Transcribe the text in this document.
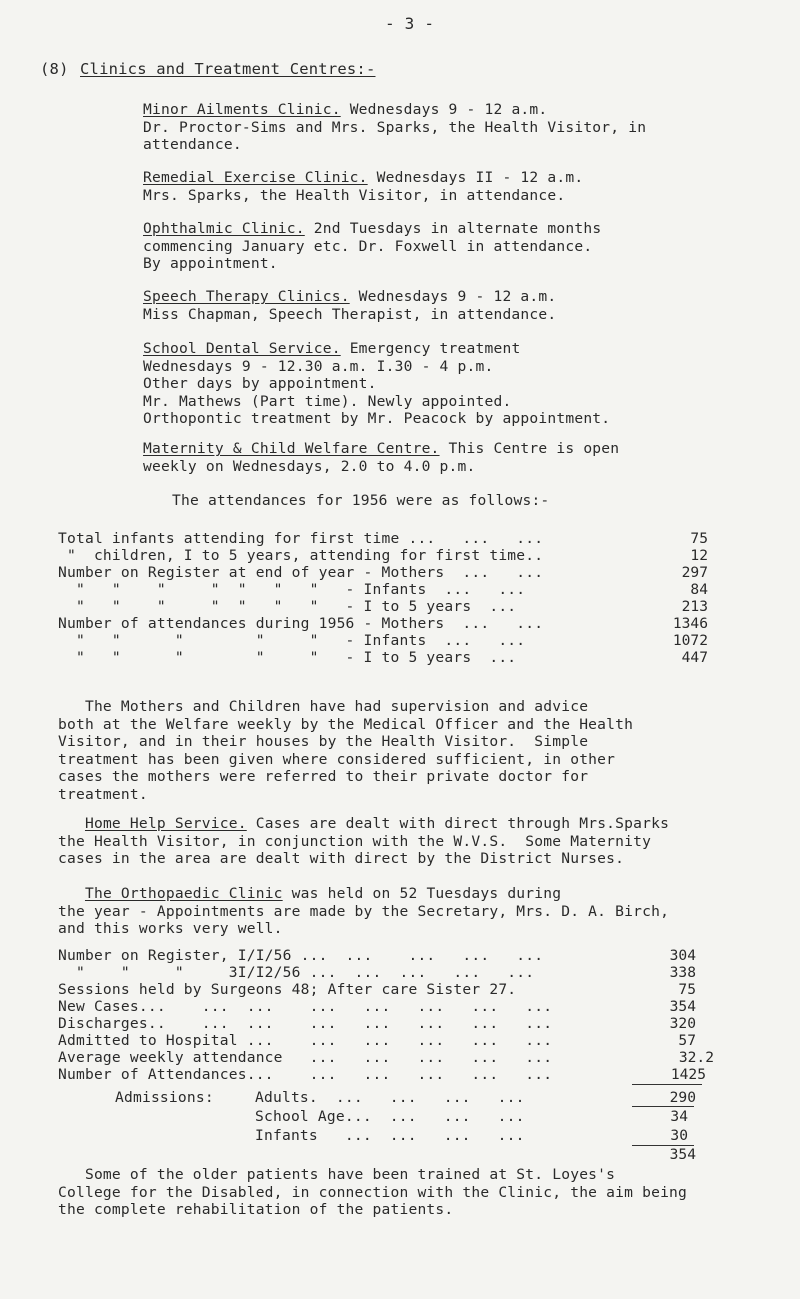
- 3 -
(8) Clinics and Treatment Centres:-
Minor Ailments Clinic. Wednesdays 9 - 12 a.m.
Dr. Proctor-Sims and Mrs. Sparks, the Health Visitor, in
attendance.
Remedial Exercise Clinic. Wednesdays II - 12 a.m.
Mrs. Sparks, the Health Visitor, in attendance.
Ophthalmic Clinic. 2nd Tuesdays in alternate months
commencing January etc. Dr. Foxwell in attendance.
By appointment.
Speech Therapy Clinics. Wednesdays 9 - 12 a.m.
Miss Chapman, Speech Therapist, in attendance.
School Dental Service. Emergency treatment
Wednesdays 9 - 12.30 a.m. I.30 - 4 p.m.
Other days by appointment.
Mr. Mathews (Part time). Newly appointed.
Orthopontic treatment by Mr. Peacock by appointment.
Maternity & Child Welfare Centre. This Centre is open
weekly on Wednesdays, 2.0 to 4.0 p.m.
The attendances for 1956 were as follows:-
Total infants attending for first time ...   ...   ...	75
"  children, I to 5 years, attending for first time..	12
Number on Register at end of year - Mothers  ...   ...	297
"   "    "     "  "   "   "   - Infants  ...   ...	84
"   "    "     "  "   "   "   - I to 5 years  ...	213
Number of attendances during 1956 - Mothers  ...   ...	1346
"   "      "        "     "   - Infants  ...   ...	1072
"   "      "        "     "   - I to 5 years  ...	447
The Mothers and Children have had supervision and advice
both at the Welfare weekly by the Medical Officer and the Health
Visitor, and in their houses by the Health Visitor.  Simple
treatment has been given where considered sufficient, in other
cases the mothers were referred to their private doctor for
treatment.
Home Help Service. Cases are dealt with direct through Mrs.Sparks
the Health Visitor, in conjunction with the W.V.S.  Some Maternity
cases in the area are dealt with direct by the District Nurses.
The Orthopaedic Clinic was held on 52 Tuesdays during
the year - Appointments are made by the Secretary, Mrs. D. A. Birch,
and this works very well.
Number on Register, I/I/56 ...  ...    ...   ...   ...	304
"    "     "     3I/I2/56 ...  ...  ...   ...   ...	338
Sessions held by Surgeons 48; After care Sister 27.	75
New Cases...    ...  ...    ...   ...   ...   ...   ...	354
Discharges..    ...  ...    ...   ...   ...   ...   ...	320
Admitted to Hospital ...    ...   ...   ...   ...   ...	57
Average weekly attendance   ...   ...   ...   ...   ...	32.2
Number of Attendances...    ...   ...   ...   ...   ...	1425
Admissions:	Adults.  ...   ...   ...   ...	290
School Age...  ...   ...   ...	34
Infants   ...  ...   ...   ...	30
354
Some of the older patients have been trained at St. Loyes's
College for the Disabled, in connection with the Clinic, the aim being
the complete rehabilitation of the patients.
